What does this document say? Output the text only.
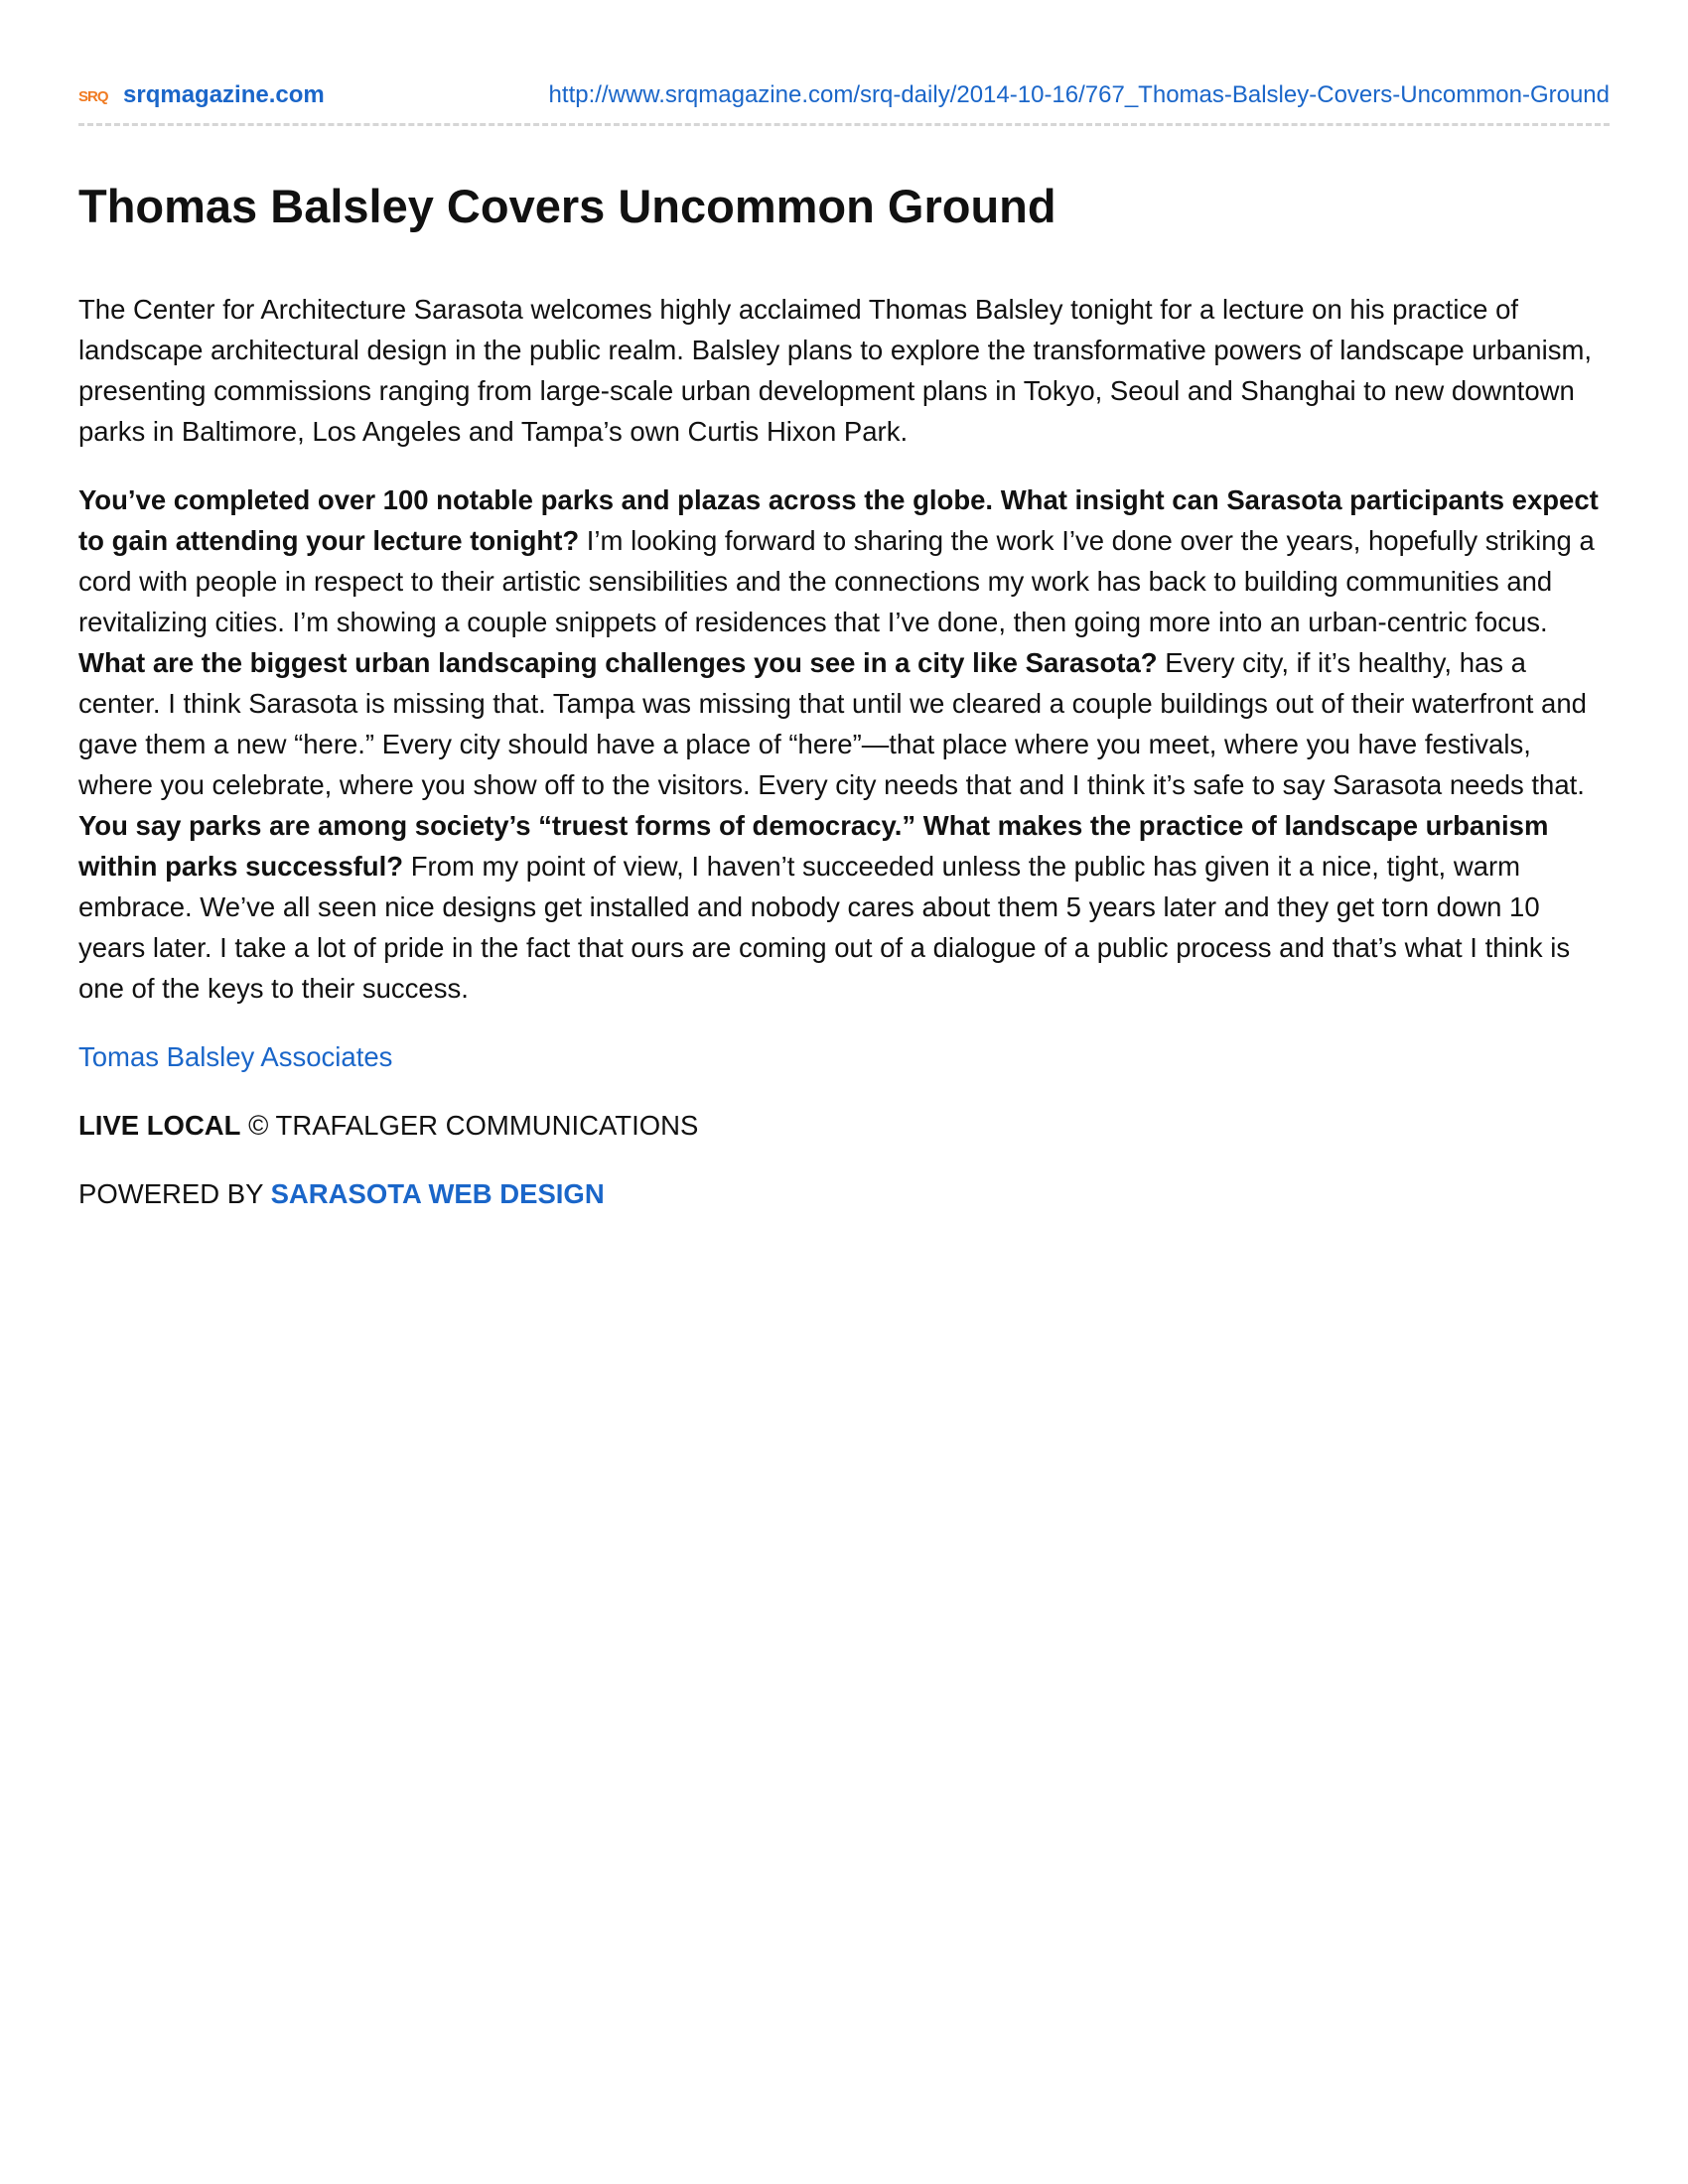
SRQ srqmagazine.com	http://www.srqmagazine.com/srq-daily/2014-10-16/767_Thomas-Balsley-Covers-Uncommon-Ground
Thomas Balsley Covers Uncommon Ground

The Center for Architecture Sarasota welcomes highly acclaimed Thomas Balsley tonight for a lecture on his practice of landscape architectural design in the public realm. Balsley plans to explore the transformative powers of landscape urbanism, presenting commissions ranging from large-scale urban development plans in Tokyo, Seoul and Shanghai to new downtown parks in Baltimore, Los Angeles and Tampa’s own Curtis Hixon Park.

You’ve completed over 100 notable parks and plazas across the globe. What insight can Sarasota participants expect to gain attending your lecture tonight? I’m looking forward to sharing the work I’ve done over the years, hopefully striking a cord with people in respect to their artistic sensibilities and the connections my work has back to building communities and revitalizing cities. I’m showing a couple snippets of residences that I’ve done, then going more into an urban-centric focus. What are the biggest urban landscaping challenges you see in a city like Sarasota? Every city, if it’s healthy, has a center. I think Sarasota is missing that. Tampa was missing that until we cleared a couple buildings out of their waterfront and gave them a new “here.” Every city should have a place of “here”—that place where you meet, where you have festivals, where you celebrate, where you show off to the visitors. Every city needs that and I think it’s safe to say Sarasota needs that. You say parks are among society’s “truest forms of democracy.” What makes the practice of landscape urbanism within parks successful? From my point of view, I haven’t succeeded unless the public has given it a nice, tight, warm embrace. We’ve all seen nice designs get installed and nobody cares about them 5 years later and they get torn down 10 years later. I take a lot of pride in the fact that ours are coming out of a dialogue of a public process and that’s what I think is one of the keys to their success.

Tomas Balsley Associates

LIVE LOCAL © TRAFALGER COMMUNICATIONS

POWERED BY SARASOTA WEB DESIGN
